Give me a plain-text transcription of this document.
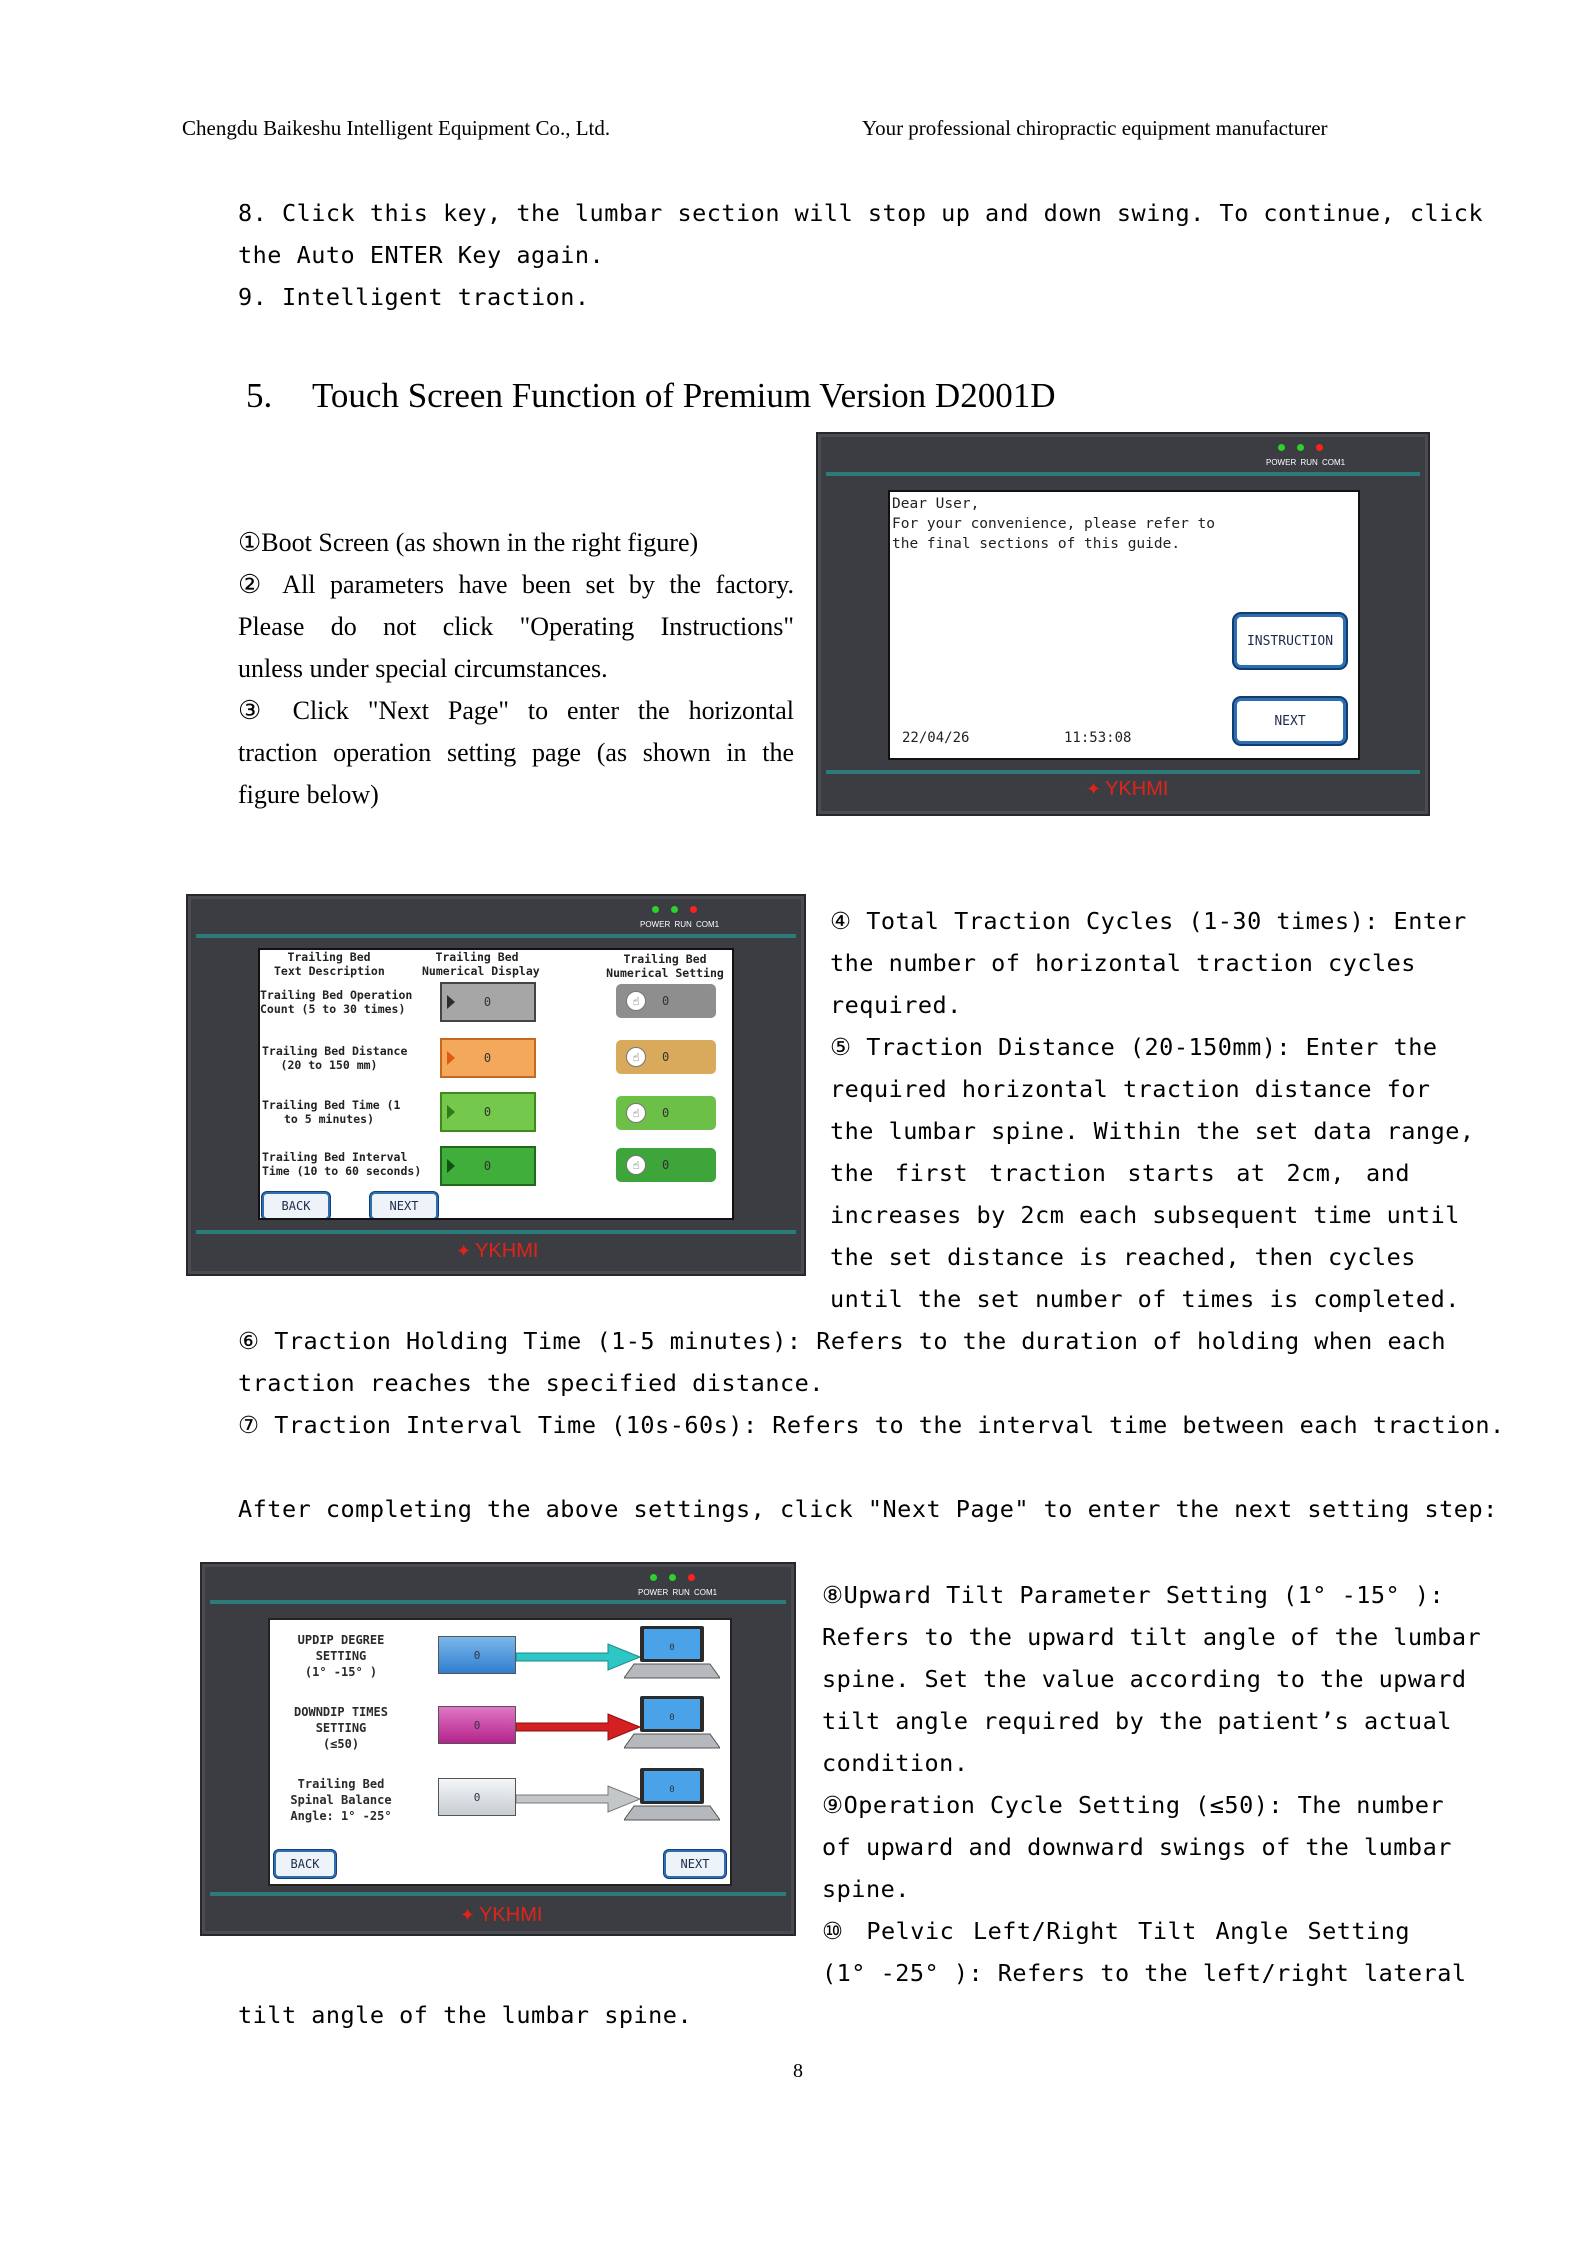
Chengdu Baikeshu Intelligent Equipment Co., Ltd.	Your professional chiropractic equipment manufacturer
8. Click this key, the lumbar section will stop up and down swing. To continue, click
the Auto ENTER Key again.
9. Intelligent traction.
5. Touch Screen Function of Premium Version D2001D
①Boot Screen (as shown in the right figure)
② All parameters have been set by the factory.
Please do not click "Operating Instructions"
unless under special circumstances.
③ Click "Next Page" to enter the horizontal
traction operation setting page (as shown in the
figure below)
POWER RUN COM1
Dear User,
For your convenience, please refer to
the final sections of this guide.
INSTRUCTION
NEXT
22/04/26	11:53:08
✦ YKHMI
POWER RUN COM1
Trailing Bed
Text Description
Trailing Bed
Numerical Display
Trailing Bed
Numerical Setting
Trailing Bed Operation
Count (5 to 30 times)	0	☝	0
Trailing Bed Distance
(20 to 150 mm)	0	☝	0
Trailing Bed Time (1
to 5 minutes)	0	☝	0
Trailing Bed Interval
Time (10 to 60 seconds)	0	☝	0
BACK	NEXT
✦ YKHMI
④ Total Traction Cycles (1-30 times): Enter
the number of horizontal traction cycles
required.
⑤ Traction Distance (20-150mm): Enter the
required horizontal traction distance for
the lumbar spine. Within the set data range,
the first traction starts at 2cm, and
increases by 2cm each subsequent time until
the set distance is reached, then cycles
until the set number of times is completed.
⑥ Traction Holding Time (1-5 minutes): Refers to the duration of holding when each
traction reaches the specified distance.
⑦ Traction Interval Time (10s-60s): Refers to the interval time between each traction.
After completing the above settings, click "Next Page" to enter the next setting step:
POWER RUN COM1
UPDIP DEGREE
SETTING
(1° -15° )
0
0
DOWNDIP TIMES
SETTING
(≤50)
0
0
Trailing Bed
Spinal Balance
Angle: 1° -25°
0
0
BACK	NEXT
✦ YKHMI
⑧Upward Tilt Parameter Setting (1° -15° ):
Refers to the upward tilt angle of the lumbar
spine. Set the value according to the upward
tilt angle required by the patient’s actual
condition.
⑨Operation Cycle Setting (≤50): The number
of upward and downward swings of the lumbar
spine.
⑩ Pelvic Left/Right Tilt Angle Setting
(1° -25° ): Refers to the left/right lateral
tilt angle of the lumbar spine.
8
